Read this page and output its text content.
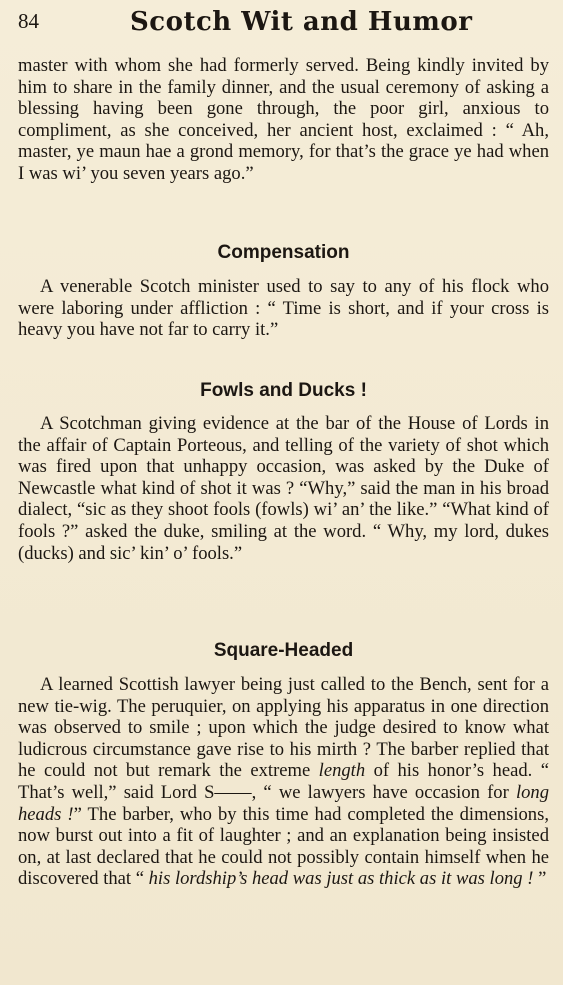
84	Scotch Wit and Humor

master with whom she had formerly served. Being kindly invited by him to share in the family dinner, and the usual ceremony of asking a blessing having been gone through, the poor girl, anxious to compliment, as she conceived, her ancient host, exclaimed : “ Ah, master, ye maun hae a grond memory, for that’s the grace ye had when I was wi’ you seven years ago.”

Compensation

A venerable Scotch minister used to say to any of his flock who were laboring under affliction : “ Time is short, and if your cross is heavy you have not far to carry it.”

Fowls and Ducks !

A Scotchman giving evidence at the bar of the House of Lords in the affair of Captain Porteous, and telling of the variety of shot which was fired upon that unhappy occasion, was asked by the Duke of Newcastle what kind of shot it was ? “Why,” said the man in his broad dialect, “sic as they shoot fools (fowls) wi’ an’ the like.” “What kind of fools ?” asked the duke, smiling at the word. “ Why, my lord, dukes (ducks) and sic’ kin’ o’ fools.”

Square-Headed

A learned Scottish lawyer being just called to the Bench, sent for a new tie-wig. The peruquier, on applying his apparatus in one direction was observed to smile ; upon which the judge desired to know what ludicrous circumstance gave rise to his mirth ? The barber replied that he could not but remark the extreme length of his honor’s head. “ That’s well,” said Lord S——, “ we lawyers have occasion for long heads !” The barber, who by this time had completed the dimensions, now burst out into a fit of laughter ; and an explanation being insisted on, at last declared that he could not possibly contain himself when he discovered that “ his lordship’s head was just as thick as it was long ! ”
